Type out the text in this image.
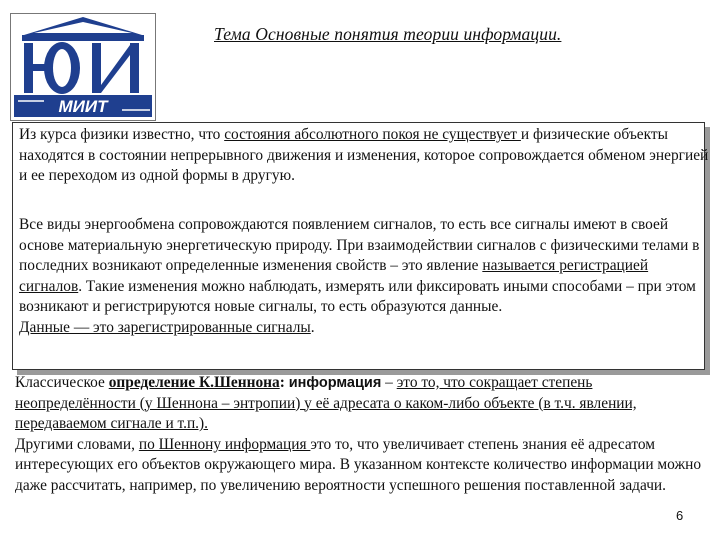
МИИТ
Тема Основные понятия теории информации.

Из курса физики известно, что состояния абсолютного покоя не существует и физические объекты находятся в состоянии непрерывного движения и изменения, которое сопровождается обменом энергией и ее переходом из одной формы в другую.

Все виды энергообмена сопровождаются появлением сигналов, то есть все сигналы имеют в своей основе материальную энергетическую природу. При взаимодействии сигналов с физическими телами в последних возникают определенные изменения свойств – это явление называется регистрацией сигналов. Такие изменения можно наблюдать, измерять или фиксировать иными способами – при этом возникают и регистрируются новые сигналы, то есть образуются данные.
Данные — это зарегистрированные сигналы.

Классическое определение К.Шеннона: информация – это то, что сокращает степень неопределённости (у Шеннона – энтропии) у её адресата о каком-либо объекте (в т.ч. явлении, передаваемом сигнале и т.п.).
Другими словами, по Шеннону информация это то, что увеличивает степень знания её адресатом интересующих его объектов окружающего мира. В указанном контексте количество информации можно даже рассчитать, например, по увеличению вероятности успешного решения поставленной задачи.

6
